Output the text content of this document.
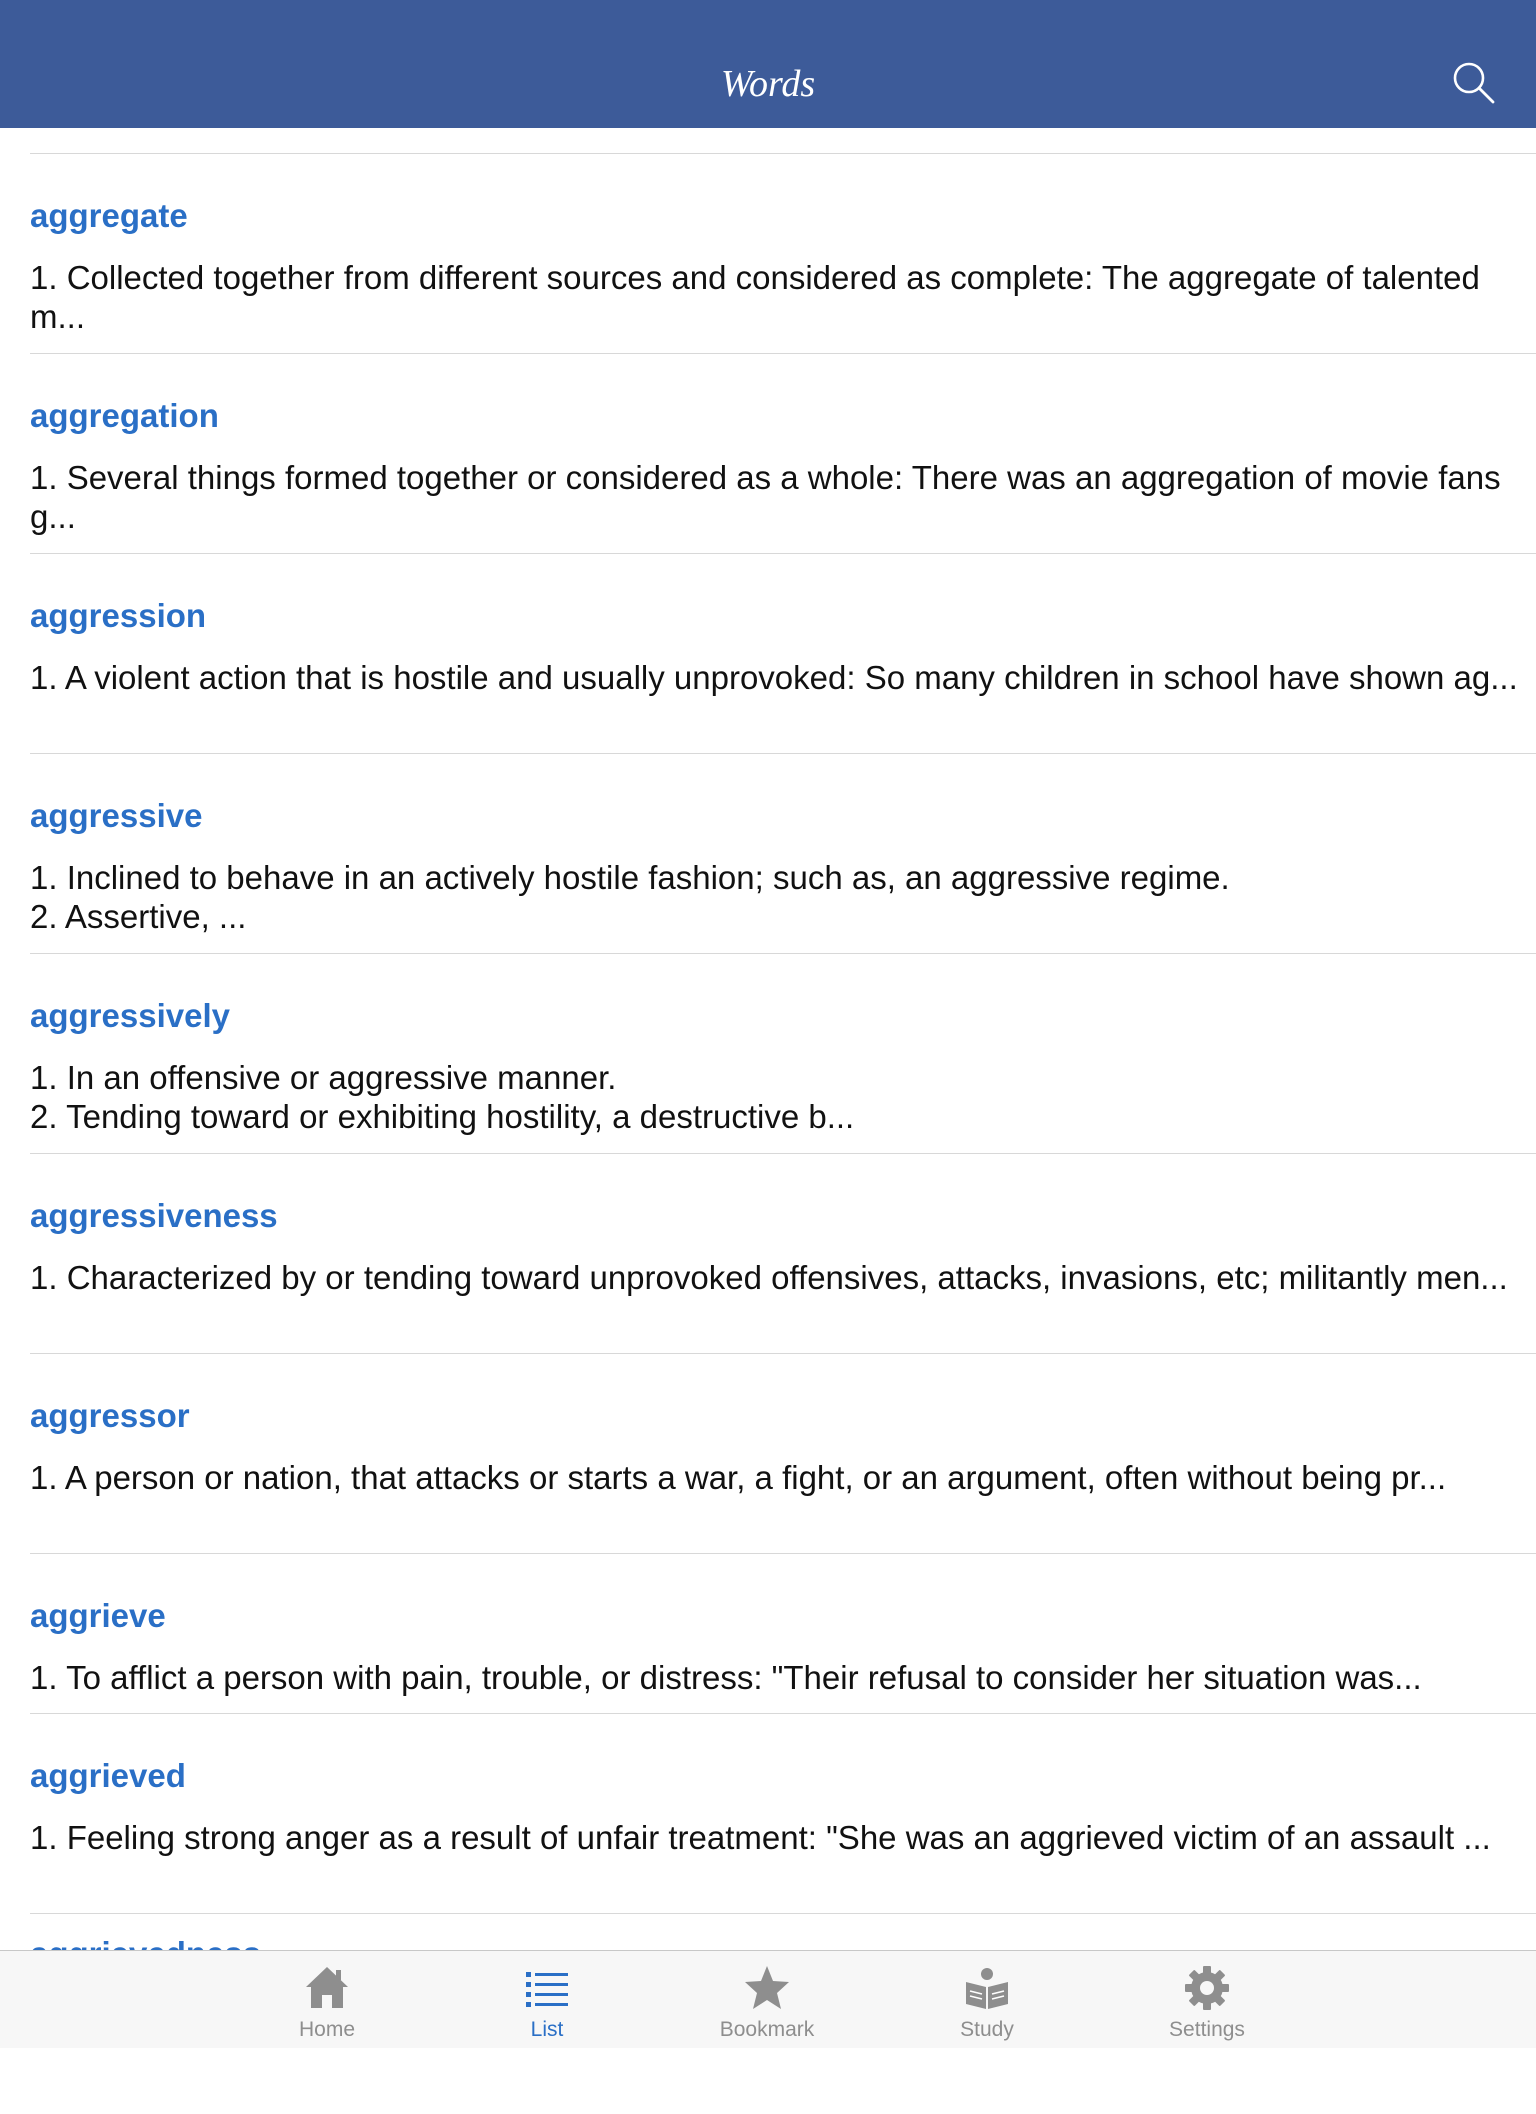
Words
aggregate
1. Collected together from different sources and considered as complete: The aggregate of talented m...
aggregation
1. Several things formed together or considered as a whole: There was an aggregation of movie fans g...
aggression
1. A violent action that is hostile and usually unprovoked: So many children in school have shown ag...
aggressive
1. Inclined to behave in an actively hostile fashion; such as, an aggressive regime.
2. Assertive, ...
aggressively
1. In an offensive or aggressive manner.
2. Tending toward or exhibiting hostility, a destructive b...
aggressiveness
1. Characterized by or tending toward unprovoked offensives, attacks, invasions, etc; militantly men...
aggressor
1. A person or nation, that attacks or starts a war, a fight, or an argument, often without being pr...
aggrieve
1. To afflict a person with pain, trouble, or distress: "Their refusal to consider her situation was...
aggrieved
1. Feeling strong anger as a result of unfair treatment: "She was an aggrieved victim of an assault ...
Home	List	Bookmark	Study	Settings
